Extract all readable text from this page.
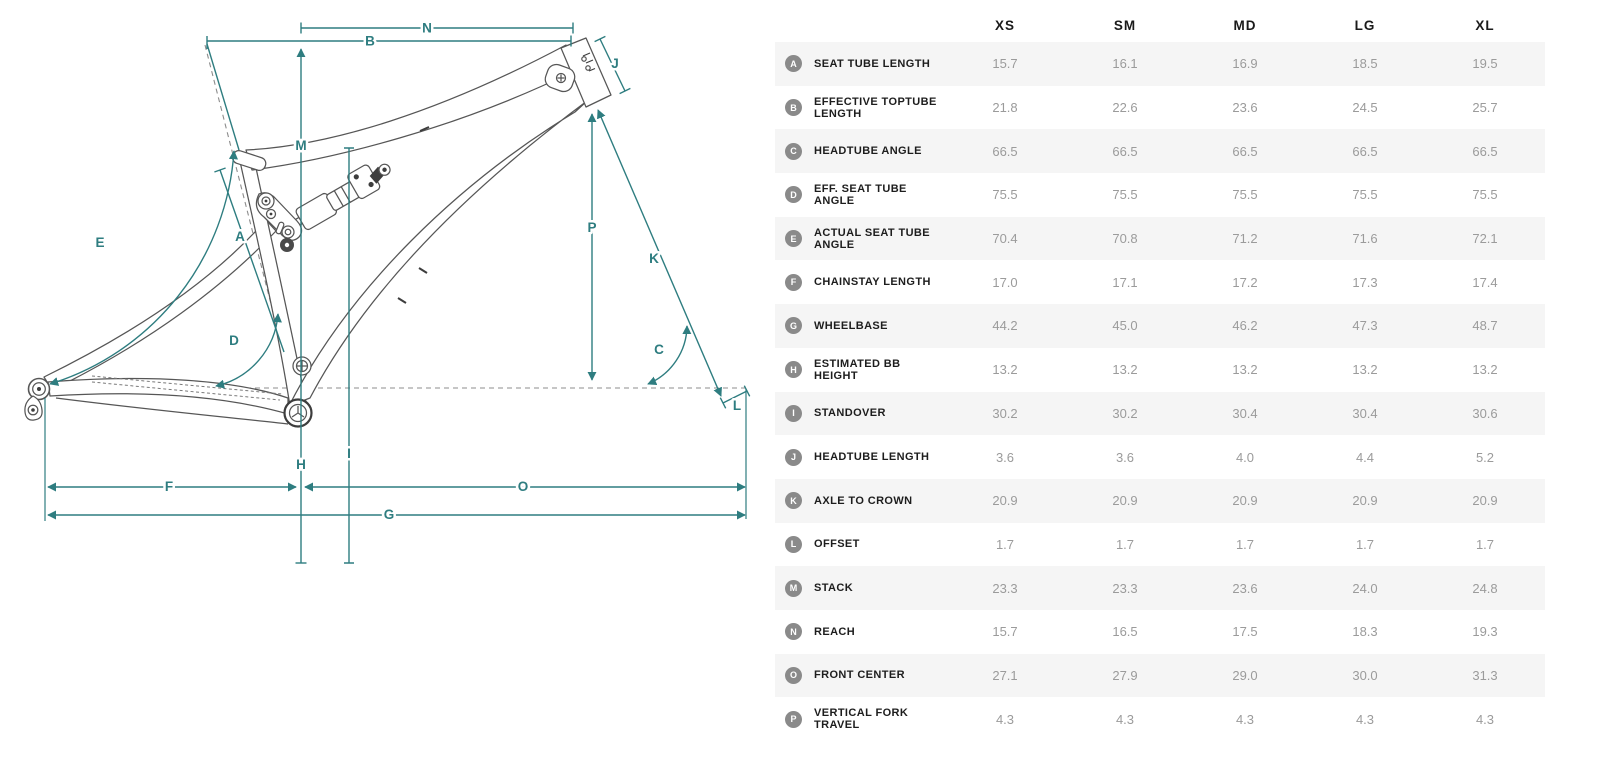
N
B
M
H
I
A
E
D
P
K
C
J
L
F	O
G
XS	SM	MD	LG	XL
A	SEAT TUBE LENGTH	15.7	16.1	16.9	18.5	19.5
B	EFFECTIVE TOPTUBE LENGTH	21.8	22.6	23.6	24.5	25.7
C	HEADTUBE ANGLE	66.5	66.5	66.5	66.5	66.5
D	EFF. SEAT TUBE ANGLE	75.5	75.5	75.5	75.5	75.5
E	ACTUAL SEAT TUBE ANGLE	70.4	70.8	71.2	71.6	72.1
F	CHAINSTAY LENGTH	17.0	17.1	17.2	17.3	17.4
G	WHEELBASE	44.2	45.0	46.2	47.3	48.7
H	ESTIMATED BB HEIGHT	13.2	13.2	13.2	13.2	13.2
I	STANDOVER	30.2	30.2	30.4	30.4	30.6
J	HEADTUBE LENGTH	3.6	3.6	4.0	4.4	5.2
K	AXLE TO CROWN	20.9	20.9	20.9	20.9	20.9
L	OFFSET	1.7	1.7	1.7	1.7	1.7
M	STACK	23.3	23.3	23.6	24.0	24.8
N	REACH	15.7	16.5	17.5	18.3	19.3
O	FRONT CENTER	27.1	27.9	29.0	30.0	31.3
P	VERTICAL FORK TRAVEL	4.3	4.3	4.3	4.3	4.3
